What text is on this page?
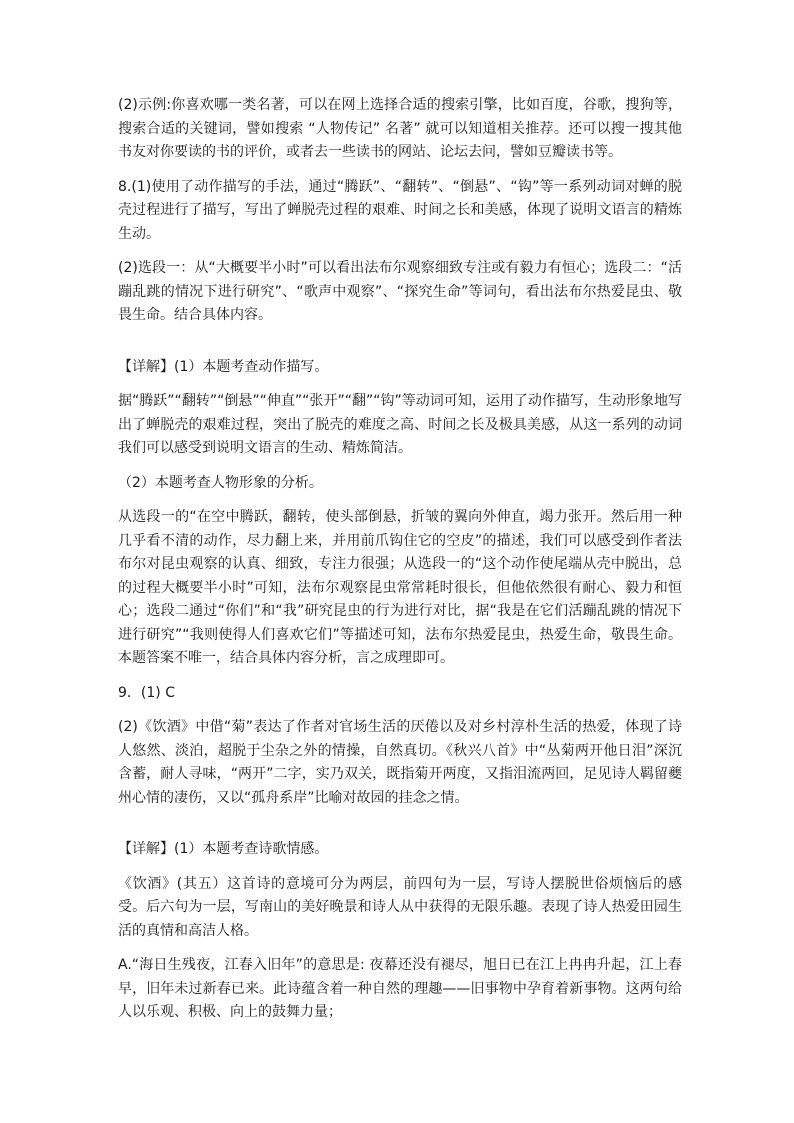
(2)示例:你喜欢哪一类名著，可以在网上选择合适的搜索引擎，比如百度，谷歌，搜狗等，搜索合适的关键词，譬如搜索 “人物传记” 名著” 就可以知道相关推荐。还可以搜一搜其他书友对你要读的书的评价，或者去一些读书的网站、论坛去问，譬如豆瓣读书等。

8.(1)使用了动作描写的手法，通过“腾跃”、“翻转”、“倒悬”、“钩”等一系列动词对蝉的脱壳过程进行了描写，写出了蝉脱壳过程的艰难、时间之长和美感，体现了说明文语言的精炼生动。

(2)选段一：从“大概要半小时”可以看出法布尔观察细致专注或有毅力有恒心；选段二：“活蹦乱跳的情况下进行研究”、“歌声中观察”、“探究生命”等词句，看出法布尔热爱昆虫、敬畏生命。结合具体内容。

【详解】(1）本题考查动作描写。

据“腾跃”“翻转”“倒悬”“伸直”“张开”“翻”“钩”等动词可知，运用了动作描写，生动形象地写出了蝉脱壳的艰难过程，突出了脱壳的难度之高、时间之长及极具美感，从这一系列的动词我们可以感受到说明文语言的生动、精炼简洁。

（2）本题考查人物形象的分析。

从选段一的“在空中腾跃，翻转，使头部倒悬，折皱的翼向外伸直，竭力张开。然后用一种几乎看不清的动作，尽力翻上来，并用前爪钩住它的空皮”的描述，我们可以感受到作者法布尔对昆虫观察的认真、细致，专注力很强；从选段一的“这个动作使尾端从壳中脱出，总的过程大概要半小时”可知，法布尔观察昆虫常常耗时很长，但他依然很有耐心、毅力和恒心；选段二通过“你们”和“我”研究昆虫的行为进行对比，据“我是在它们活蹦乱跳的情况下进行研究”“我则使得人们喜欢它们”等描述可知，法布尔热爱昆虫，热爱生命，敬畏生命。本题答案不唯一，结合具体内容分析，言之成理即可。

9．(1) C

(2)《饮酒》中借“菊”表达了作者对官场生活的厌倦以及对乡村淳朴生活的热爱，体现了诗人悠然、淡泊，超脱于尘杂之外的情操，自然真切。《秋兴八首》中“丛菊两开他日泪”深沉含蓄，耐人寻味，“两开”二字，实乃双关，既指菊开两度，又指泪流两回，足见诗人羁留夔州心情的凄伤，又以“孤舟系岸”比喻对故园的挂念之情。

【详解】(1）本题考查诗歌情感。

《饮酒》(其五）这首诗的意境可分为两层，前四句为一层，写诗人摆脱世俗烦恼后的感受。后六句为一层，写南山的美好晚景和诗人从中获得的无限乐趣。表现了诗人热爱田园生活的真情和高洁人格。

A.“海日生残夜，江春入旧年”的意思是: 夜幕还没有褪尽，旭日已在江上冉冉升起，江上春早，旧年未过新春已来。此诗蕴含着一种自然的理趣——旧事物中孕育着新事物。这两句给人以乐观、积极、向上的鼓舞力量；
